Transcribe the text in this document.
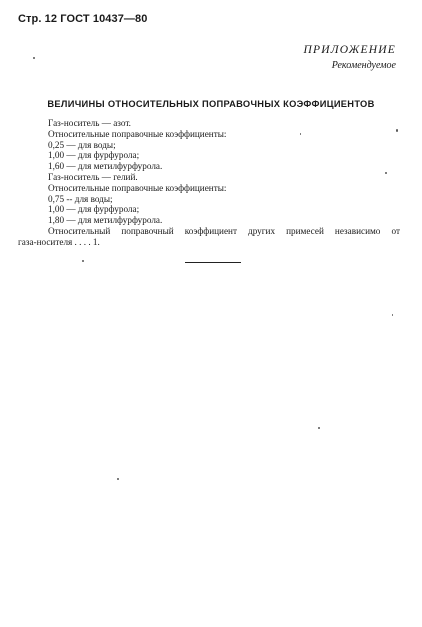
Стр. 12 ГОСТ 10437—80
ПРИЛОЖЕНИЕ
Рекомендуемое
ВЕЛИЧИНЫ ОТНОСИТЕЛЬНЫХ ПОПРАВОЧНЫХ КОЭФФИЦИЕНТОВ
Газ-носитель — азот.
Относительные поправочные коэффициенты:
0,25 — для воды;
1,00 — для фурфурола;
1,60 — для метилфурфурола.
Газ-носитель — гелий.
Относительные поправочные коэффициенты:
0,75 -- для воды;
1,00 — для фурфурола;
1,80 — для метилфурфурола.
Относительный поправочный коэффициент других примесей независимо от
газа-носителя . . . . 1.
